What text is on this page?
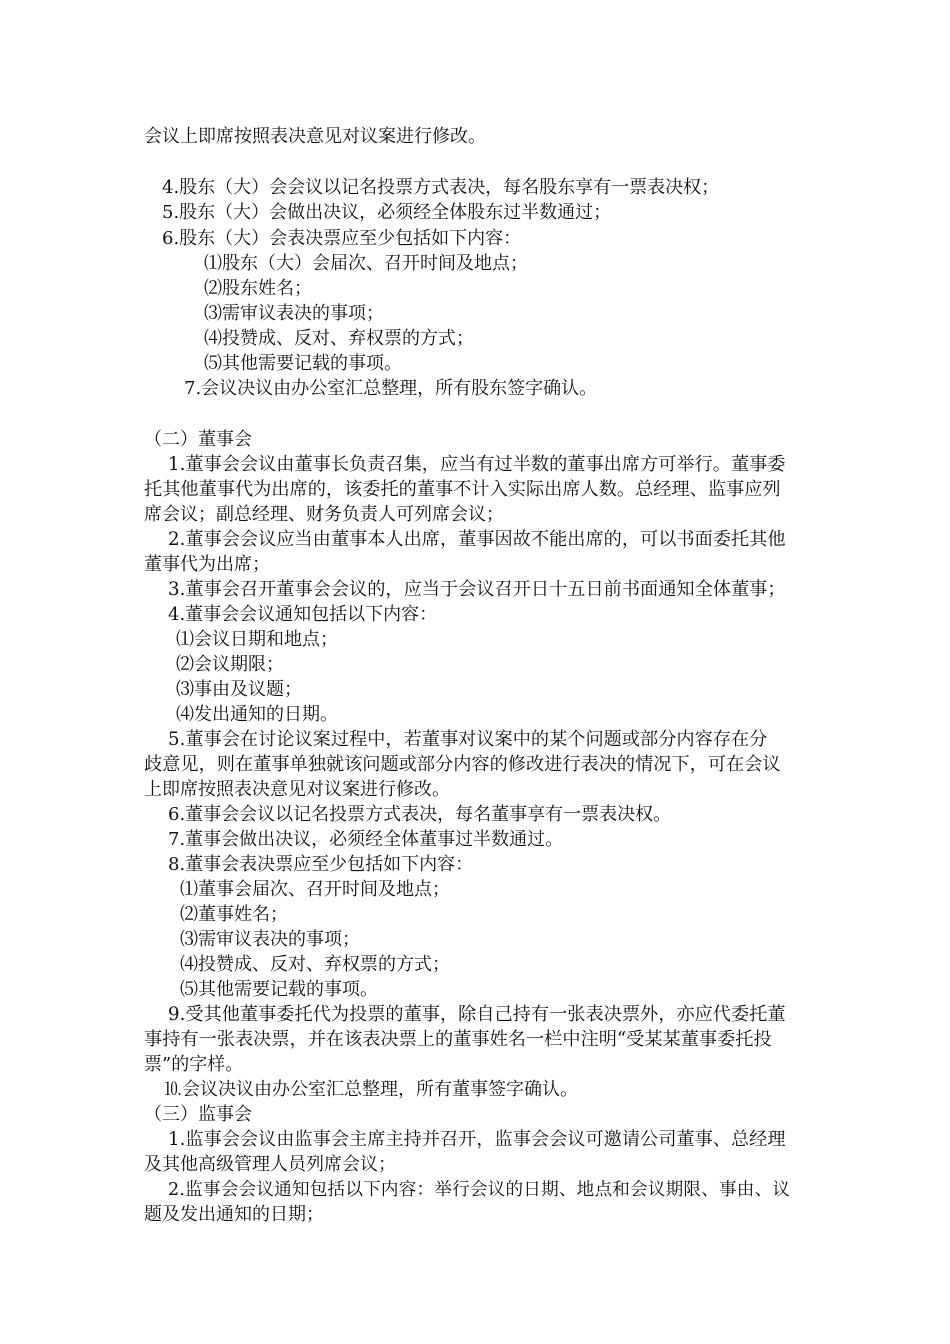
会议上即席按照表决意见对议案进行修改。
4.股东（大）会会议以记名投票方式表决，每名股东享有一票表决权；
5.股东（大）会做出决议，必须经全体股东过半数通过；
6.股东（大）会表决票应至少包括如下内容：
⑴股东（大）会届次、召开时间及地点；
⑵股东姓名；
⑶需审议表决的事项；
⑷投赞成、反对、弃权票的方式；
⑸其他需要记载的事项。
7.会议决议由办公室汇总整理，所有股东签字确认。
（二）董事会
1.董事会会议由董事长负责召集，应当有过半数的董事出席方可举行。董事委
托其他董事代为出席的，该委托的董事不计入实际出席人数。总经理、监事应列
席会议；副总经理、财务负责人可列席会议；
2.董事会会议应当由董事本人出席，董事因故不能出席的，可以书面委托其他
董事代为出席；
3.董事会召开董事会会议的，应当于会议召开日十五日前书面通知全体董事；
4.董事会会议通知包括以下内容：
⑴会议日期和地点；
⑵会议期限；
⑶事由及议题；
⑷发出通知的日期。
5.董事会在讨论议案过程中，若董事对议案中的某个问题或部分内容存在分
歧意见，则在董事单独就该问题或部分内容的修改进行表决的情况下，可在会议
上即席按照表决意见对议案进行修改。
6.董事会会议以记名投票方式表决，每名董事享有一票表决权。
7.董事会做出决议，必须经全体董事过半数通过。
8.董事会表决票应至少包括如下内容：
⑴董事会届次、召开时间及地点；
⑵董事姓名；
⑶需审议表决的事项；
⑷投赞成、反对、弃权票的方式；
⑸其他需要记载的事项。
9.受其他董事委托代为投票的董事，除自己持有一张表决票外，亦应代委托董
事持有一张表决票，并在该表决票上的董事姓名一栏中注明“受某某董事委托投
票”的字样。
⒑会议决议由办公室汇总整理，所有董事签字确认。
（三）监事会
1.监事会会议由监事会主席主持并召开，监事会会议可邀请公司董事、总经理
及其他高级管理人员列席会议；
2.监事会会议通知包括以下内容：举行会议的日期、地点和会议期限、事由、议
题及发出通知的日期；
